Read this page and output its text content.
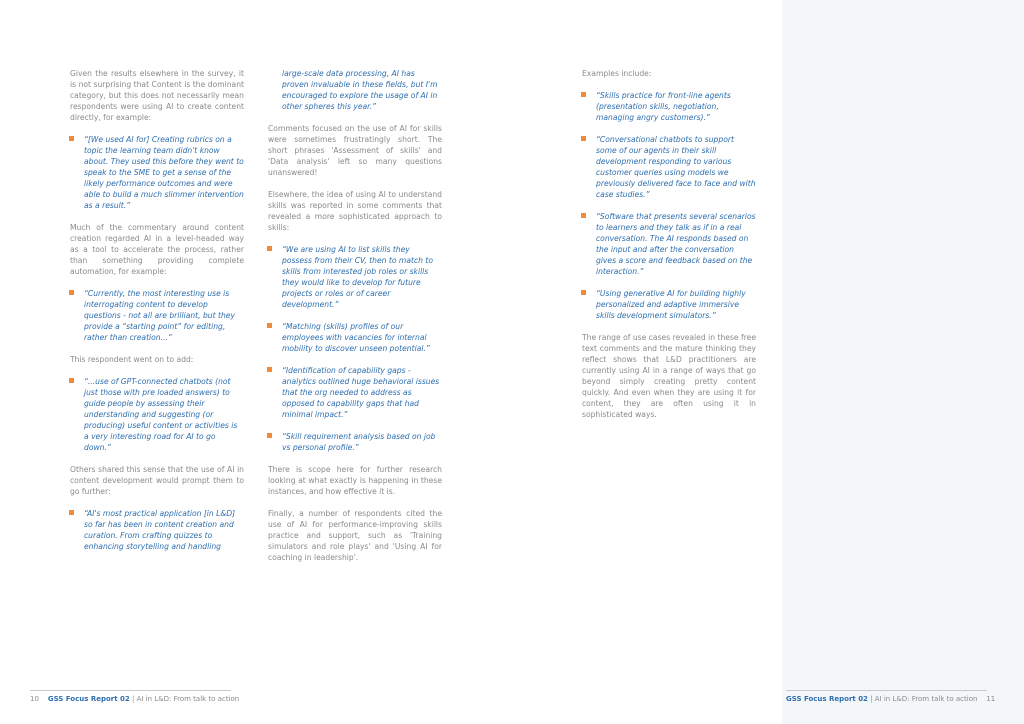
Given the results elsewhere in the survey, it is not surprising that Content is the dominant category, but this does not necessarily mean respondents were using AI to create content directly, for example:

“[We used AI for] Creating rubrics on a topic the learning team didn't know about. They used this before they went to speak to the SME to get a sense of the likely performance outcomes and were able to build a much slimmer intervention as a result.”

Much of the commentary around content creation regarded AI in a level-headed way as a tool to accelerate the process, rather than something providing complete automation, for example:

“Currently, the most interesting use is interrogating content to develop questions - not all are brilliant, but they provide a “starting point” for editing, rather than creation...”

This respondent went on to add:

“...use of GPT-connected chatbots (not just those with pre loaded answers) to guide people by assessing their understanding and suggesting (or producing) useful content or activities is a very interesting road for AI to go down.”

Others shared this sense that the use of AI in content development would prompt them to go further:

“AI's most practical application [in L&D] so far has been in content creation and curation. From crafting quizzes to enhancing storytelling and handling
large-scale data processing, AI has proven invaluable in these fields, but I'm encouraged to explore the usage of AI in other spheres this year.”

Comments focused on the use of AI for skills were sometimes frustratingly short. The short phrases 'Assessment of skills' and 'Data analysis' left so many questions unanswered!

Elsewhere, the idea of using AI to understand skills was reported in some comments that revealed a more sophisticated approach to skills:

“We are using AI to list skills they possess from their CV, then to match to skills from interested job roles or skills they would like to develop for future projects or roles or of career development.”
“Matching (skills) profiles of our employees with vacancies for internal mobility to discover unseen potential.”
“Identification of capability gaps - analytics outlined huge behavioral issues that the org needed to address as opposed to capability gaps that had minimal impact.”
“Skill requirement analysis based on job vs personal profile.”

There is scope here for further research looking at what exactly is happening in these instances, and how effective it is.

Finally, a number of respondents cited the use of AI for performance-improving skills practice and support, such as 'Training simulators and role plays' and 'Using AI for coaching in leadership'.

Examples include:

“Skills practice for front-line agents (presentation skills, negotiation, managing angry customers).”
“Conversational chatbots to support some of our agents in their skill development responding to various customer queries using models we previously delivered face to face and with case studies.”
“Software that presents several scenarios to learners and they talk as if in a real conversation. The AI responds based on the input and after the conversation gives a score and feedback based on the interaction.”
“Using generative AI for building highly personalized and adaptive immersive skills development simulators.”

The range of use cases revealed in these free text comments and the mature thinking they reflect shows that L&D practitioners are currently using AI in a range of ways that go beyond simply creating pretty content quickly. And even when they are using it for content, they are often using it in sophisticated ways.

10 GSS Focus Report 02 | AI in L&D: From talk to action	GSS Focus Report 02 | AI in L&D: From talk to action 11
